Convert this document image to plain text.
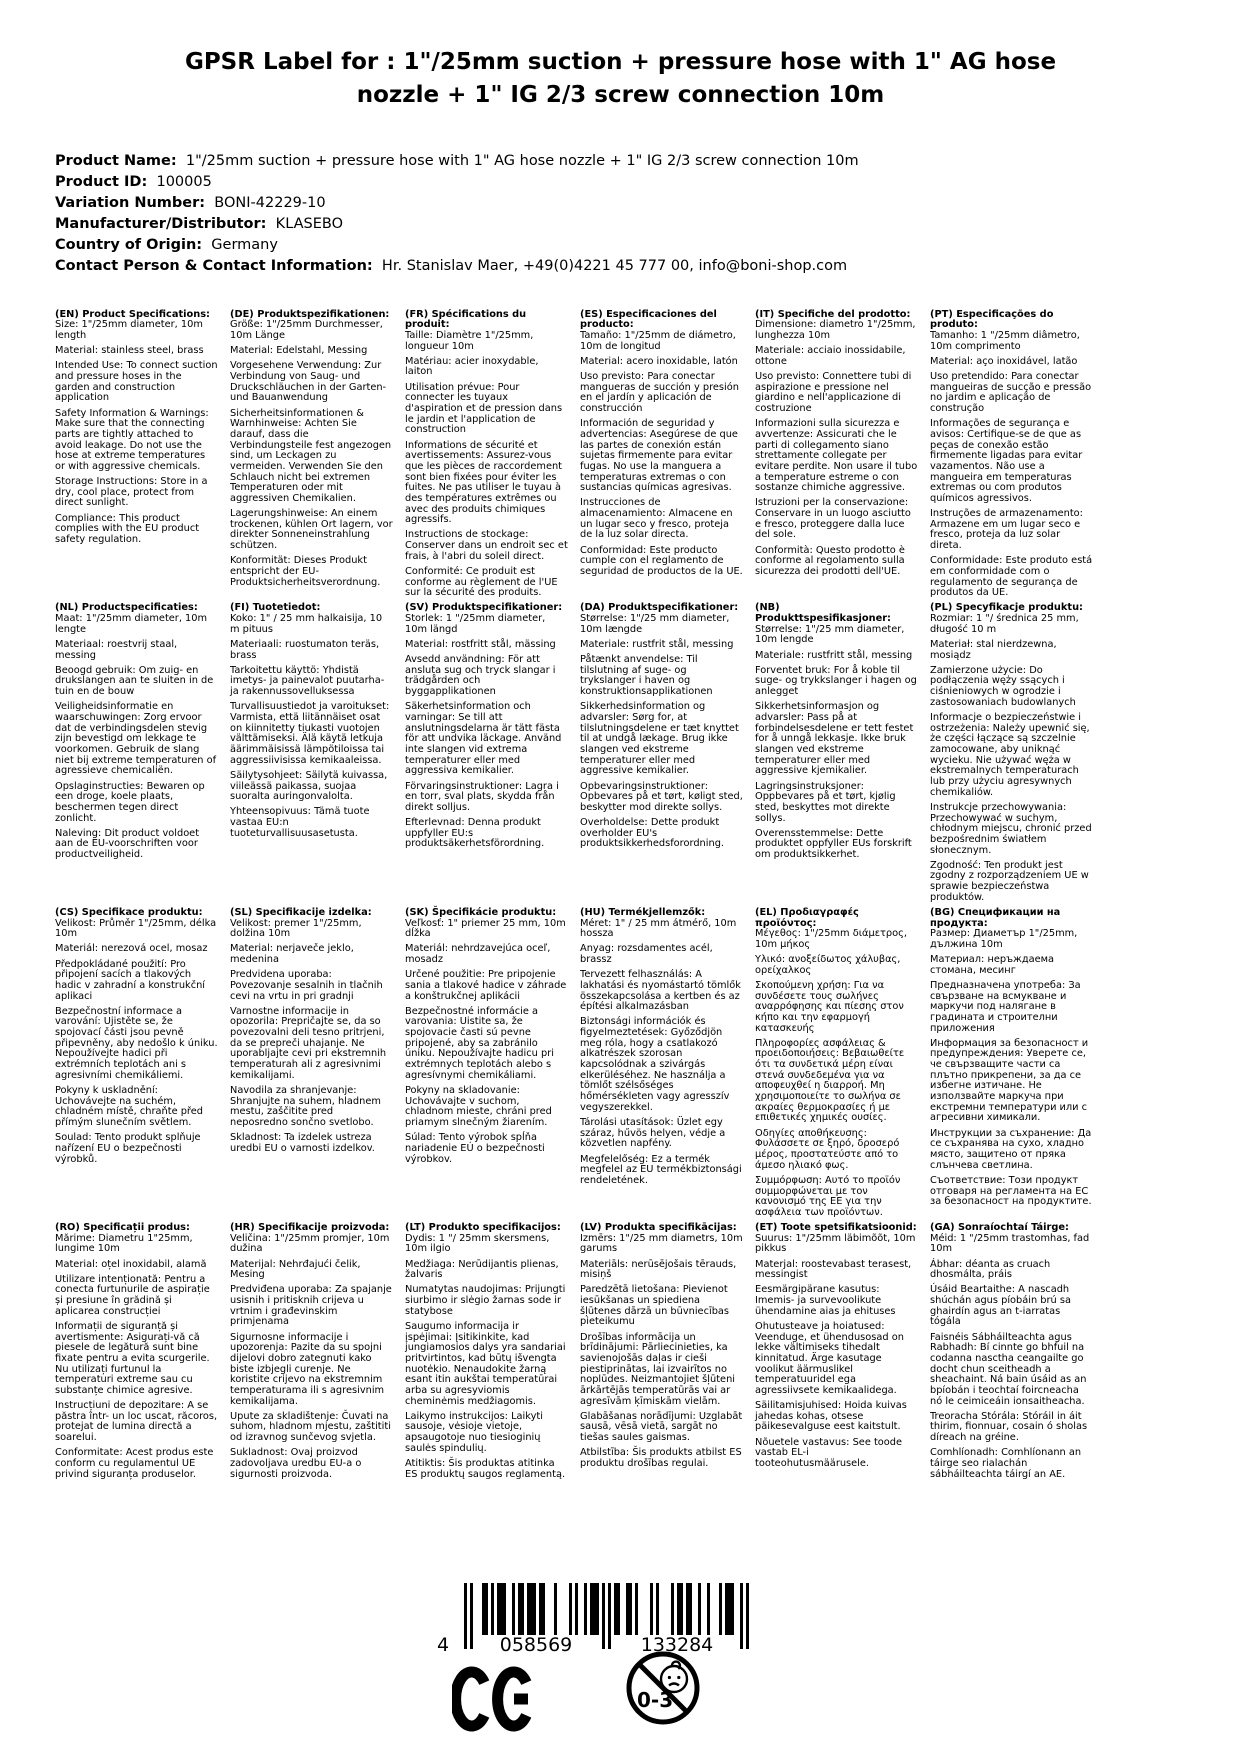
GPSR Label for : 1"/25mm suction + pressure hose with 1" AG hose nozzle + 1" IG 2/3 screw connection 10m
Product Name:  1"/25mm suction + pressure hose with 1" AG hose nozzle + 1" IG 2/3 screw connection 10m
Product ID:  100005
Variation Number:  BONI-42229-10
Manufacturer/Distributor:  KLASEBO
Country of Origin:  Germany
Contact Person & Contact Information:  Hr. Stanislav Maer, +49(0)4221 45 777 00, info@boni-shop.com
(EN) Product Specifications:

Size: 1"/25mm diameter, 10m length

Material: stainless steel, brass

Intended Use: To connect suction and pressure hoses in the garden and construction application

Safety Information & Warnings: Make sure that the connecting parts are tightly attached to avoid leakage. Do not use the hose at extreme temperatures or with aggressive chemicals.

Storage Instructions: Store in a dry, cool place, protect from direct sunlight.

Compliance: This product complies with the EU product safety regulation.

(DE) Produktspezifikationen:

Größe: 1"/25mm Durchmesser, 10m Länge

Material: Edelstahl, Messing

Vorgesehene Verwendung: Zur Verbindung von Saug- und Druckschläuchen in der Garten- und Bauanwendung

Sicherheitsinformationen & Warnhinweise: Achten Sie darauf, dass die Verbindungsteile fest angezogen sind, um Leckagen zu vermeiden. Verwenden Sie den Schlauch nicht bei extremen Temperaturen oder mit aggressiven Chemikalien.

Lagerungshinweise: An einem trockenen, kühlen Ort lagern, vor direkter Sonneneinstrahlung schützen.

Konformität: Dieses Produkt entspricht der EU-Produktsicherheitsverordnung.

(FR) Spécifications du produit:

Taille: Diamètre 1"/25mm, longueur 10m

Matériau: acier inoxydable, laiton

Utilisation prévue: Pour connecter les tuyaux d'aspiration et de pression dans le jardin et l'application de construction

Informations de sécurité et avertissements: Assurez-vous que les pièces de raccordement sont bien fixées pour éviter les fuites. Ne pas utiliser le tuyau à des températures extrêmes ou avec des produits chimiques agressifs.

Instructions de stockage: Conserver dans un endroit sec et frais, à l'abri du soleil direct.

Conformité: Ce produit est conforme au règlement de l'UE sur la sécurité des produits.

(ES) Especificaciones del producto:

Tamaño: 1"/25mm de diámetro, 10m de longitud

Material: acero inoxidable, latón

Uso previsto: Para conectar mangueras de succión y presión en el jardín y aplicación de construcción

Información de seguridad y advertencias: Asegúrese de que las partes de conexión están sujetas firmemente para evitar fugas. No use la manguera a temperaturas extremas o con sustancias químicas agresivas.

Instrucciones de almacenamiento: Almacene en un lugar seco y fresco, proteja de la luz solar directa.

Conformidad: Este producto cumple con el reglamento de seguridad de productos de la UE.

(IT) Specifiche del prodotto:

Dimensione: diametro 1"/25mm, lunghezza 10m

Materiale: acciaio inossidabile, ottone

Uso previsto: Connettere tubi di aspirazione e pressione nel giardino e nell'applicazione di costruzione

Informazioni sulla sicurezza e avvertenze: Assicurati che le parti di collegamento siano strettamente collegate per evitare perdite. Non usare il tubo a temperature estreme o con sostanze chimiche aggressive.

Istruzioni per la conservazione: Conservare in un luogo asciutto e fresco, proteggere dalla luce del sole.

Conformità: Questo prodotto è conforme al regolamento sulla sicurezza dei prodotti dell'UE.

(PT) Especificações do produto:

Tamanho: 1 "/25mm diâmetro, 10m comprimento

Material: aço inoxidável, latão

Uso pretendido: Para conectar mangueiras de sucção e pressão no jardim e aplicação de construção

Informações de segurança e avisos: Certifique-se de que as peças de conexão estão firmemente ligadas para evitar vazamentos. Não use a mangueira em temperaturas extremas ou com produtos químicos agressivos.

Instruções de armazenamento: Armazene em um lugar seco e fresco, proteja da luz solar direta.

Conformidade: Este produto está em conformidade com o regulamento de segurança de produtos da UE.

(NL) Productspecificaties:

Maat: 1"/25mm diameter, 10m lengte

Materiaal: roestvrij staal, messing

Beoogd gebruik: Om zuig- en drukslangen aan te sluiten in de tuin en de bouw

Veiligheidsinformatie en waarschuwingen: Zorg ervoor dat de verbindingsdelen stevig zijn bevestigd om lekkage te voorkomen. Gebruik de slang niet bij extreme temperaturen of agressieve chemicaliën.

Opslaginstructies: Bewaren op een droge, koele plaats, beschermen tegen direct zonlicht.

Naleving: Dit product voldoet aan de EU-voorschriften voor productveiligheid.

(FI) Tuotetiedot:

Koko: 1" / 25 mm halkaisija, 10 m pituus

Materiaali: ruostumaton teräs, brass

Tarkoitettu käyttö: Yhdistä imetys- ja painevalot puutarha- ja rakennussovelluksessa

Turvallisuustiedot ja varoitukset: Varmista, että liitännäiset osat on kiinnitetty tiukasti vuotojen välttämiseksi. Älä käytä letkuja äärimmäisissä lämpötiloissa tai aggressiivisissa kemikaaleissa.

Säilytysohjeet: Säilytä kuivassa, viileässä paikassa, suojaa suoralta auringonvalolta.

Yhteensopivuus: Tämä tuote vastaa EU:n tuoteturvallisuusasetusta.

(SV) Produktspecifikationer:

Storlek: 1 "/25mm diameter, 10m längd

Material: rostfritt stål, mässing

Avsedd användning: För att ansluta sug och tryck slangar i trädgården och byggapplikationen

Säkerhetsinformation och varningar: Se till att anslutningsdelarna är tätt fästa för att undvika läckage. Använd inte slangen vid extrema temperaturer eller med aggressiva kemikalier.

Förvaringsinstruktioner: Lagra i en torr, sval plats, skydda från direkt solljus.

Efterlevnad: Denna produkt uppfyller EU:s produktsäkerhetsförordning.

(DA) Produktspecifikationer:

Størrelse: 1"/25 mm diameter, 10m længde

Materiale: rustfrit stål, messing

Påtænkt anvendelse: Til tilslutning af suge- og trykslanger i haven og konstruktionsapplikationen

Sikkerhedsinformation og advarsler: Sørg for, at tilslutningsdelene er tæt knyttet til at undgå lækage. Brug ikke slangen ved ekstreme temperaturer eller med aggressive kemikalier.

Opbevaringsinstruktioner: Opbevares på et tørt, køligt sted, beskytter mod direkte sollys.

Overholdelse: Dette produkt overholder EU's produktsikkerhedsforordning.

(NB) Produkttspesifikasjoner:

Størrelse: 1"/25 mm diameter, 10m lengde

Materiale: rustfritt stål, messing

Forventet bruk: For å koble til suge- og trykkslanger i hagen og anlegget

Sikkerhetsinformasjon og advarsler: Pass på at forbindelsesdelene er tett festet for å unngå lekkasje. Ikke bruk slangen ved ekstreme temperaturer eller med aggressive kjemikalier.

Lagringsinstruksjoner: Oppbevares på et tørt, kjølig sted, beskyttes mot direkte sollys.

Overensstemmelse: Dette produktet oppfyller EUs forskrift om produktsikkerhet.

(PL) Specyfikacje produktu:

Rozmiar: 1 "/ średnica 25 mm, długość 10 m

Materiał: stal nierdzewna, mosiądz

Zamierzone użycie: Do podłączenia węży ssących i ciśnieniowych w ogrodzie i zastosowaniach budowlanych

Informacje o bezpieczeństwie i ostrzeżenia: Należy upewnić się, że części łączące są szczelnie zamocowane, aby uniknąć wycieku. Nie używać węża w ekstremalnych temperaturach lub przy użyciu agresywnych chemikaliów.

Instrukcje przechowywania: Przechowywać w suchym, chłodnym miejscu, chronić przed bezpośrednim światłem słonecznym.

Zgodność: Ten produkt jest zgodny z rozporządzeniem UE w sprawie bezpieczeństwa produktów.

(CS) Specifikace produktu:

Velikost: Průměr 1"/25mm, délka 10m

Materiál: nerezová ocel, mosaz

Předpokládané použití: Pro připojení sacích a tlakových hadic v zahradní a konstrukční aplikaci

Bezpečnostní informace a varování: Ujistěte se, že spojovací části jsou pevně připevněny, aby nedošlo k úniku. Nepoužívejte hadici při extrémních teplotách ani s agresivními chemikáliemi.

Pokyny k uskladnění: Uchovávejte na suchém, chladném místě, chraňte před přímým slunečním světlem.

Soulad: Tento produkt splňuje nařízení EU o bezpečnosti výrobků.

(SL) Specifikacije izdelka:

Velikost: premer 1"/25mm, dolžina 10m

Material: nerjaveče jeklo, medenina

Predvidena uporaba: Povezovanje sesalnih in tlačnih cevi na vrtu in pri gradnji

Varnostne informacije in opozorila: Prepričajte se, da so povezovalni deli tesno pritrjeni, da se prepreči uhajanje. Ne uporabljajte cevi pri ekstremnih temperaturah ali z agresivnimi kemikalijami.

Navodila za shranjevanje: Shranjujte na suhem, hladnem mestu, zaščitite pred neposredno sončno svetlobo.

Skladnost: Ta izdelek ustreza uredbi EU o varnosti izdelkov.

(SK) Špecifikácie produktu:

Veľkosť: 1" priemer 25 mm, 10m dĺžka

Materiál: nehrdzavejúca oceľ, mosadz

Určené použitie: Pre pripojenie sania a tlakové hadice v záhrade a konštrukčnej aplikácii

Bezpečnostné informácie a varovania: Uistite sa, že spojovacie časti sú pevne pripojené, aby sa zabránilo úniku. Nepoužívajte hadicu pri extrémnych teplotách alebo s agresívnymi chemikáliami.

Pokyny na skladovanie: Uchovávajte v suchom, chladnom mieste, chráni pred priamym slnečným žiarením.

Súlad: Tento výrobok spĺňa nariadenie EÚ o bezpečnosti výrobkov.

(HU) Termékjellemzők:

Méret: 1" / 25 mm átmérő, 10m hossza

Anyag: rozsdamentes acél, brassz

Tervezett felhasználás: A lakhatási és nyomástartó tömlők összekapcsolása a kertben és az építési alkalmazásban

Biztonsági információk és figyelmeztetések: Győződjön meg róla, hogy a csatlakozó alkatrészek szorosan kapcsolódnak a szivárgás elkerüléséhez. Ne használja a tömlőt szélsőséges hőmérsékleten vagy agresszív vegyszerekkel.

Tárolási utasítások: Üzlet egy száraz, hűvös helyen, védje a közvetlen napfény.

Megfelelőség: Ez a termék megfelel az EU termékbiztonsági rendeletének.

(EL) Προδιαγραφές προϊόντος:

Μέγεθος: 1"/25mm διάμετρος, 10m μήκος

Υλικό: ανοξείδωτος χάλυβας, ορείχαλκος

Σκοπούμενη χρήση: Για να συνδέσετε τους σωλήνες αναρρόφησης και πίεσης στον κήπο και την εφαρμογή κατασκευής

Πληροφορίες ασφάλειας & προειδοποιήσεις: Βεβαιωθείτε ότι τα συνδετικά μέρη είναι στενά συνδεδεμένα για να αποφευχθεί η διαρροή. Μη χρησιμοποιείτε το σωλήνα σε ακραίες θερμοκρασίες ή με επιθετικές χημικές ουσίες.

Οδηγίες αποθήκευσης: Φυλάσσετε σε ξηρό, δροσερό μέρος, προστατεύστε από το άμεσο ηλιακό φως.

Συμμόρφωση: Αυτό το προϊόν συμμορφώνεται με τον κανονισμό της ΕΕ για την ασφάλεια των προϊόντων.

(BG) Спецификации на продукта:

Размер: Диаметър 1"/25mm, дължина 10m

Материал: неръждаема стомана, месинг

Предназначена употреба: За свързване на всмукване и маркучи под налягане в градината и строителни приложения

Информация за безопасност и предупреждения: Уверете се, че свързващите части са плътно прикрепени, за да се избегне изтичане. Не използвайте маркуча при екстремни температури или с агресивни химикали.

Инструкции за съхранение: Да се съхранява на сухо, хладно място, защитено от пряка слънчева светлина.

Съответствие: Този продукт отговаря на регламента на ЕС за безопасност на продуктите.

(RO) Specificații produs:

Mărime: Diametru 1"25mm, lungime 10m

Material: oțel inoxidabil, alamă

Utilizare intenționată: Pentru a conecta furtunurile de aspirație și presiune în grădină și aplicarea construcției

Informații de siguranță și avertismente: Asigurați-vă că piesele de legătură sunt bine fixate pentru a evita scurgerile. Nu utilizați furtunul la temperaturi extreme sau cu substanțe chimice agresive.

Instrucțiuni de depozitare: A se păstra într- un loc uscat, răcoros, protejat de lumina directă a soarelui.

Conformitate: Acest produs este conform cu regulamentul UE privind siguranța produselor.

(HR) Specifikacije proizvoda:

Veličina: 1"/25mm promjer, 10m dužina

Materijal: Nehrđajući čelik, Mesing

Predviđena uporaba: Za spajanje usisnih i pritisknih crijeva u vrtnim i građevinskim primjenama

Sigurnosne informacije i upozorenja: Pazite da su spojni dijelovi dobro zategnuti kako biste izbjegli curenje. Ne koristite crijevo na ekstremnim temperaturama ili s agresivnim kemikalijama.

Upute za skladištenje: Čuvati na suhom, hladnom mjestu, zaštititi od izravnog sunčevog svjetla.

Sukladnost: Ovaj proizvod zadovoljava uredbu EU-a o sigurnosti proizvoda.

(LT) Produkto specifikacijos:

Dydis: 1 "/ 25mm skersmens, 10m ilgio

Medžiaga: Nerūdijantis plienas, žalvaris

Numatytas naudojimas: Prijungti siurbimo ir slėgio žarnas sode ir statybose

Saugumo informacija ir įspėjimai: Įsitikinkite, kad jungiamosios dalys yra sandariai pritvirtintos, kad būtų išvengta nuotėkio. Nenaudokite žarną esant itin aukštai temperatūrai arba su agresyviomis cheminėmis medžiagomis.

Laikymo instrukcijos: Laikyti sausoje, vėsioje vietoje, apsaugotoje nuo tiesioginių saulės spindulių.

Atitiktis: Šis produktas atitinka ES produktų saugos reglamentą.

(LV) Produkta specifikācijas:

Izmērs: 1"/25 mm diametrs, 10m garums

Materiāls: nerūsējošais tērauds, misiņš

Paredzētā lietošana: Pievienot iesūkšanas un spiediena šļūtenes dārzā un būvniecības pieteikumu

Drošības informācija un brīdinājumi: Pārliecinieties, ka savienojošās daļas ir cieši piestiprinātas, lai izvairītos no noplūdes. Neizmantojiet šļūteni ārkārtējās temperatūrās vai ar agresīvām ķīmiskām vielām.

Glabāšanas norādījumi: Uzglabāt sausā, vēsā vietā, sargāt no tiešas saules gaismas.

Atbilstība: Šis produkts atbilst ES produktu drošības regulai.

(ET) Toote spetsifikatsioonid:

Suurus: 1"/25mm läbimõõt, 10m pikkus

Materjal: roostevabast terasest, messingist

Eesmärgipärane kasutus: Imemis- ja survevoolikute ühendamine aias ja ehituses

Ohutusteave ja hoiatused: Veenduge, et ühendusosad on lekke vältimiseks tihedalt kinnitatud. Ärge kasutage voolikut äärmuslikel temperatuuridel ega agressiivsete kemikaalidega.

Säilitamisjuhised: Hoida kuivas jahedas kohas, otsese päikesevalguse eest kaitstult.

Nõuetele vastavus: See toode vastab EL-i tooteohutusmäärusele.

(GA) Sonraíochtaí Táirge:

Méid: 1 "/25mm trastomhas, fad 10m

Ábhar: déanta as cruach dhosmálta, práis

Úsáid Beartaithe: A nascadh shúchán agus píobáin brú sa ghairdín agus an t-iarratas tógála

Faisnéis Sábháilteachta agus Rabhadh: Bí cinnte go bhfuil na codanna nasctha ceangailte go docht chun sceitheadh a sheachaint. Ná bain úsáid as an bpíobán i teochtaí foircneacha nó le ceimiceáin ionsaitheacha.

Treoracha Stórála: Stóráil in áit thirim, fionnuar, cosain ó sholas díreach na gréine.

Comhlíonadh: Comhlíonann an táirge seo rialachán sábháilteachta táirgí an AE.

4	058569	133284
0-3
